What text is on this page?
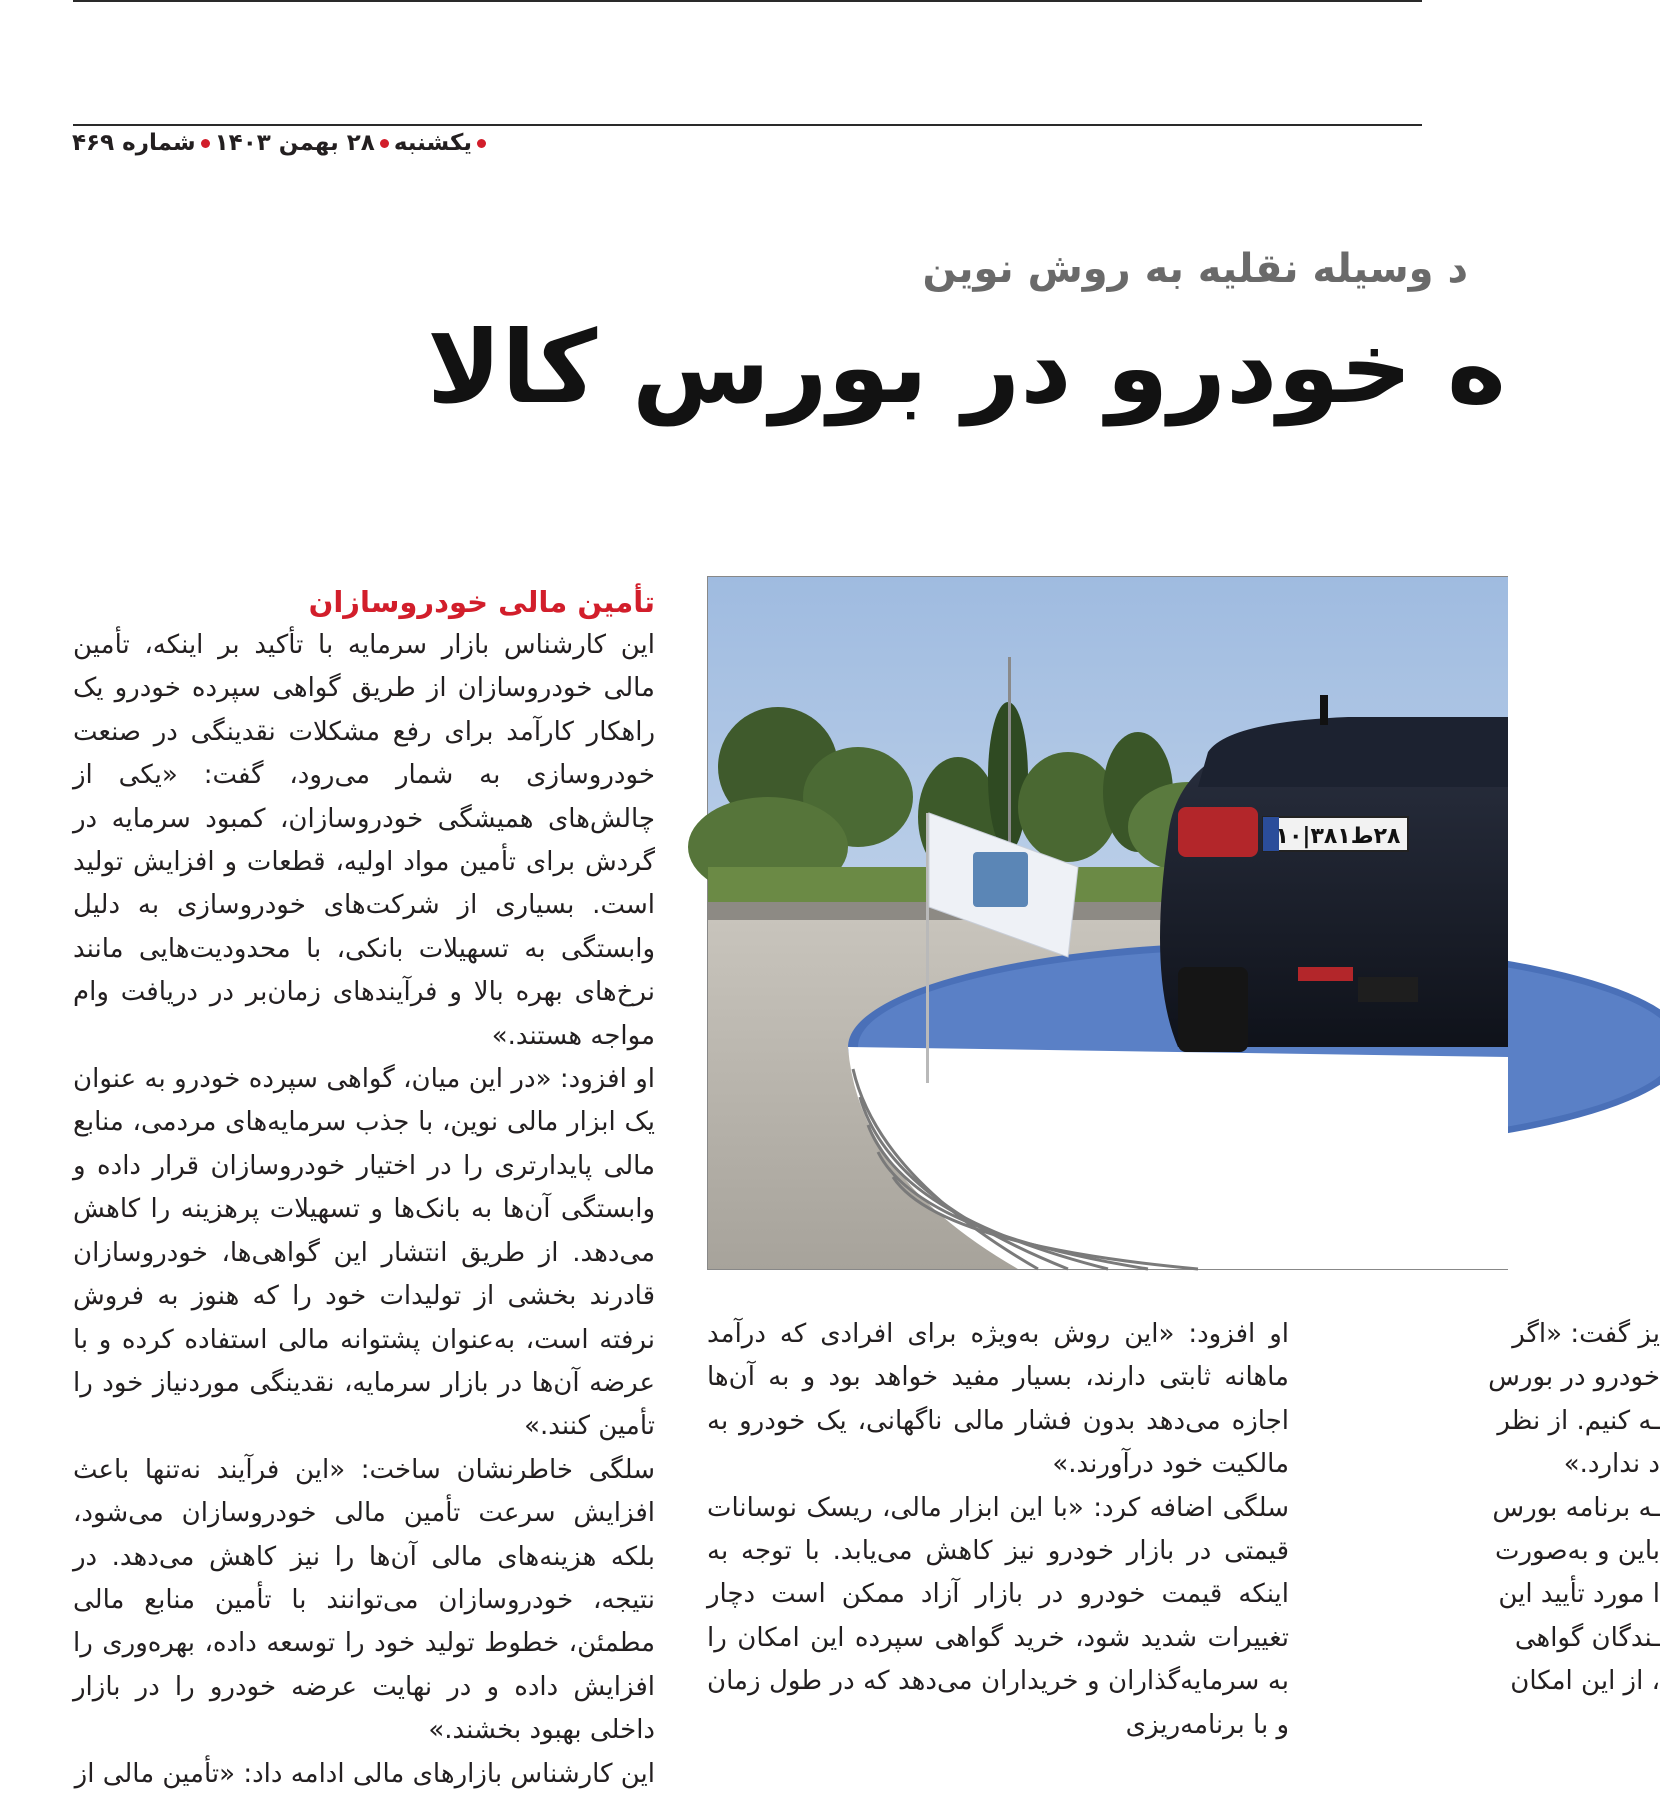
یکشنبه
۲۸ بهمن ۱۴۰۳
شماره ۴۶۹
د وسیله نقلیه به روش نوین
ه خودرو در بورس کالا
۲۸ط۳۸۱|۱۰
تأمین مالی خودروسازان

این کارشناس بازار سرمایه با تأکید بر اینکه، تأمین مالی خودروسازان از طریق گواهی سپرده خودرو یک راهکار کارآمد برای رفع مشکلات نقدینگی در صنعت خودروسازی به شمار می‌رود، گفت: «یکی از چالش‌های همیشگی خودروسازان، کمبود سرمایه در گردش برای تأمین مواد اولیه، قطعات و افزایش تولید است. بسیاری از شرکت‌های خودروسازی به دلیل وابستگی به تسهیلات بانکی، با محدودیت‌هایی مانند نرخ‌های بهره بالا و فرآیندهای زمان‌بر در دریافت وام مواجه هستند.»

او افزود: «در این میان، گواهی سپرده خودرو به عنوان یک ابزار مالی نوین، با جذب سرمایه‌های مردمی، منابع مالی پایدارتری را در اختیار خودروسازان قرار داده و وابستگی آن‌ها به بانک‌ها و تسهیلات پرهزینه را کاهش می‌دهد. از طریق انتشار این گواهی‌ها، خودروسازان قادرند بخشی از تولیدات خود را که هنوز به فروش نرفته است، به‌عنوان پشتوانه مالی استفاده کرده و با عرضه آن‌ها در بازار سرمایه، نقدینگی موردنیاز خود را تأمین کنند.»

سلگی خاطرنشان ساخت: «این فرآیند نه‌تنها باعث افزایش سرعت تأمین مالی خودروسازان می‌شود، بلکه هزینه‌های مالی آن‌ها را نیز کاهش می‌دهد. در نتیجه، خودروسازان می‌توانند با تأمین منابع مالی مطمئن، خطوط تولید خود را توسعه داده، بهره‌وری را افزایش داده و در نهایت عرضه خودرو را در بازار داخلی بهبود بخشند.»

این کارشناس بازارهای مالی ادامه داد: «تأمین مالی از

او افزود: «این روش به‌ویژه برای افرادی که درآمد ماهانه ثابتی دارند، بسیار مفید خواهد بود و به آن‌ها اجازه می‌دهد بدون فشار مالی ناگهانی، یک خودرو به مالکیت خود درآورند.»

سلگی اضافه کرد: «با این ابزار مالی، ریسک نوسانات قیمتی در بازار خودرو نیز کاهش می‌یابد. با توجه به اینکه قیمت خودرو در بازار آزاد ممکن است دچار تغییرات شدید شود، خرید گواهی سپرده این امکان را به سرمایه‌گذاران و خریداران می‌دهد که در طول زمان و با برنامه‌ریزی

یز گفت: «اگر

خودرو در بورس

ـه کنیم. از نظر

د ندارد.»

ـه برنامه بورس

باین و به‌صورت

ا مورد تأیید این

ـندگان گواهی

، از این امکان
